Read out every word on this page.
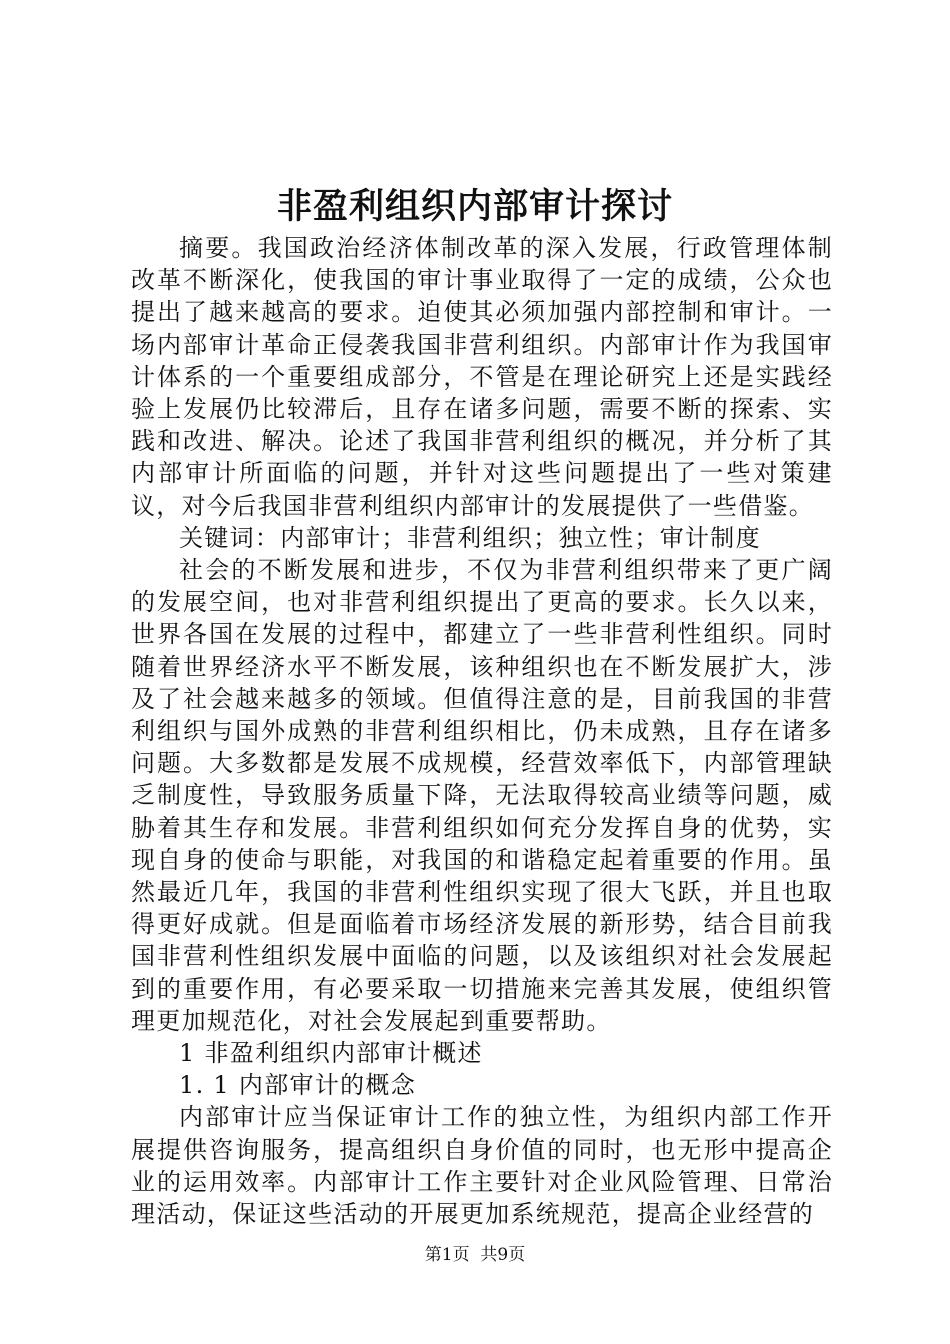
非盈利组织内部审计探讨

摘要。我国政治经济体制改革的深入发展，行政管理体制改革不断深化，使我国的审计事业取得了一定的成绩，公众也提出了越来越高的要求。迫使其必须加强内部控制和审计。一场内部审计革命正侵袭我国非营利组织。内部审计作为我国审计体系的一个重要组成部分，不管是在理论研究上还是实践经验上发展仍比较滞后，且存在诸多问题，需要不断的探索、实践和改进、解决。论述了我国非营利组织的概况，并分析了其内部审计所面临的问题，并针对这些问题提出了一些对策建议，对今后我国非营利组织内部审计的发展提供了一些借鉴。

关键词：内部审计；非营利组织；独立性；审计制度

社会的不断发展和进步，不仅为非营利组织带来了更广阔的发展空间，也对非营利组织提出了更高的要求。长久以来，世界各国在发展的过程中，都建立了一些非营利性组织。同时随着世界经济水平不断发展，该种组织也在不断发展扩大，涉及了社会越来越多的领域。但值得注意的是，目前我国的非营利组织与国外成熟的非营利组织相比，仍未成熟，且存在诸多问题。大多数都是发展不成规模，经营效率低下，内部管理缺乏制度性，导致服务质量下降，无法取得较高业绩等问题，威胁着其生存和发展。非营利组织如何充分发挥自身的优势，实现自身的使命与职能，对我国的和谐稳定起着重要的作用。虽然最近几年，我国的非营利性组织实现了很大飞跃，并且也取得更好成就。但是面临着市场经济发展的新形势，结合目前我国非营利性组织发展中面临的问题，以及该组织对社会发展起到的重要作用，有必要采取一切措施来完善其发展，使组织管理更加规范化，对社会发展起到重要帮助。

1 非盈利组织内部审计概述

1. 1 内部审计的概念

内部审计应当保证审计工作的独立性，为组织内部工作开展提供咨询服务，提高组织自身价值的同时，也无形中提高企业的运用效率。内部审计工作主要针对企业风险管理、日常治理活动，保证这些活动的开展更加系统规范，提高企业经营的

第1页 共9页
